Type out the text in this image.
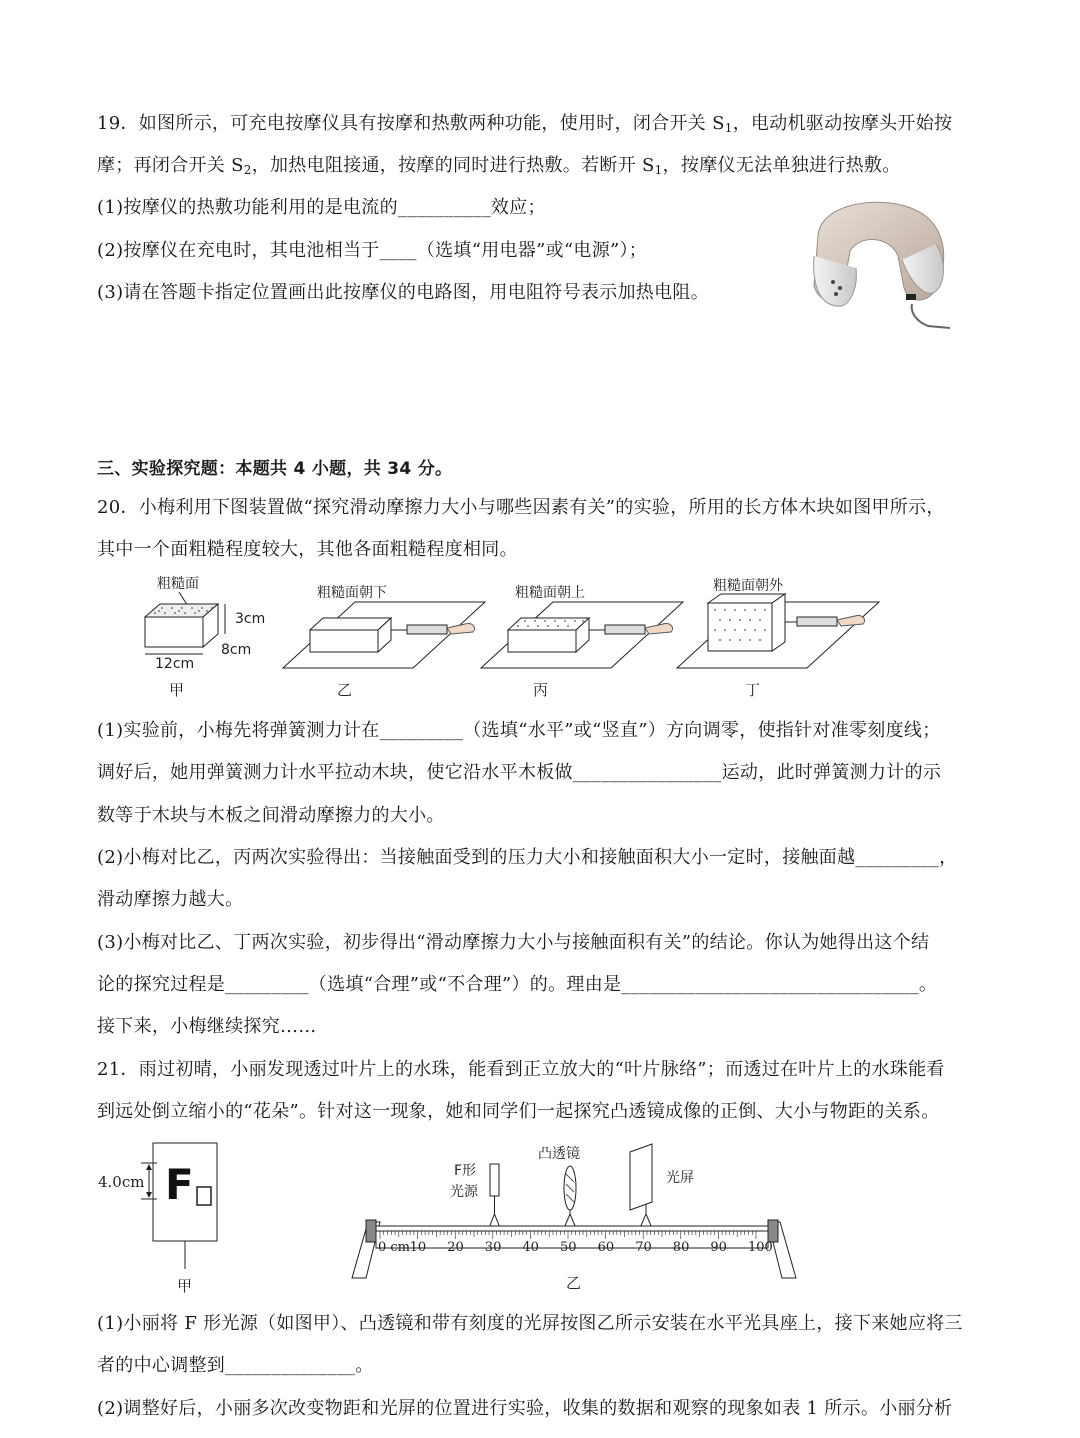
19．如图所示，可充电按摩仪具有按摩和热敷两种功能，使用时，闭合开关 $S_1$，电动机驱动按摩头开始按
摩；再闭合开关 $S_2$，加热电阻接通，按摩的同时进行热敷。若断开 $S_1$，按摩仪无法单独进行热敷。
(1)按摩仪的热敷功能利用的是电流的__________效应；
(2)按摩仪在充电时，其电池相当于____（选填“用电器”或“电源”）；
(3)请在答题卡指定位置画出此按摩仪的电路图，用电阻符号表示加热电阻。
三、实验探究题：本题共 4 小题，共 34 分。
20．小梅利用下图装置做“探究滑动摩擦力大小与哪些因素有关”的实验，所用的长方体木块如图甲所示，
其中一个面粗糙程度较大，其他各面粗糙程度相同。
粗糙面
3cm
8cm
12cm
甲
粗糙面朝下
乙
粗糙面朝上
丙
粗糙面朝外
丁
(1)实验前，小梅先将弹簧测力计在_________（选填“水平”或“竖直”）方向调零，使指针对准零刻度线；
调好后，她用弹簧测力计水平拉动木块，使它沿水平木板做________________运动，此时弹簧测力计的示
数等于木块与木板之间滑动摩擦力的大小。
(2)小梅对比乙，丙两次实验得出：当接触面受到的压力大小和接触面积大小一定时，接触面越_________，
滑动摩擦力越大。
(3)小梅对比乙、丁两次实验，初步得出“滑动摩擦力大小与接触面积有关”的结论。你认为她得出这个结
论的探究过程是_________（选填“合理”或“不合理”）的。理由是________________________________。
接下来，小梅继续探究……
21．雨过初晴，小丽发现透过叶片上的水珠，能看到正立放大的“叶片脉络”；而透过在叶片上的水珠能看
到远处倒立缩小的“花朵”。针对这一现象，她和同学们一起探究凸透镜成像的正倒、大小与物距的关系。
4.0cm F
甲
凸透镜
F形
光源
光屏
0 cm 10 20 30 40 50 60 70 80 90 100
乙
(1)小丽将 F 形光源（如图甲）、凸透镜和带有刻度的光屏按图乙所示安装在水平光具座上，接下来她应将三
者的中心调整到______________。
(2)调整好后，小丽多次改变物距和光屏的位置进行实验，收集的数据和观察的现象如表 1 所示。小丽分析
